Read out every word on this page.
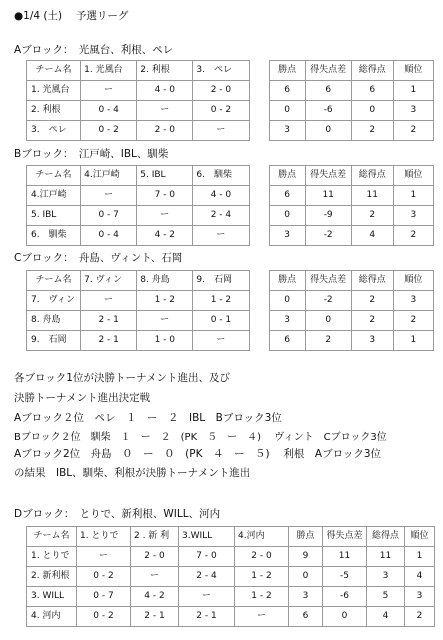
●1/4 (土)　 予選リーグ
Aブロック：　光風台、利根、ペレ
チーム名	1. 光風台	2. 利根	3.　ペレ		勝点	得失点差	総得点	順位
1. 光風台	ー	4 - 0	2 - 0		6	6	6	1
2. 利根	0 - 4	ー	0 - 2		0	-6	0	3
3.　ペレ	0 - 2	2 - 0	ー		3	0	2	2
Bブロック：　江戸崎、IBL、馴柴
チーム名	4.江戸崎	5. IBL	6.　馴柴		勝点	得失点差	総得点	順位
4.江戸崎	ー	7 - 0	4 - 0		6	11	11	1
5. IBL	0 - 7	ー	2 - 4		0	-9	2	3
6.　馴柴	0 - 4	4 - 2	ー		3	-2	4	2
Cブロック：　舟島、ヴィント、石岡
チーム名	7. ヴィン	8. 舟島	9.　石岡		勝点	得失点差	総得点	順位
7.　ヴィン	ー	1 - 2	1 - 2		0	-2	2	3
8. 舟島	2 - 1	ー	0 - 1		3	0	2	2
9.　石岡	2 - 1	1 - 0	ー		6	2	3	1
各ブロック1位が決勝トーナメント進出、及び
決勝トーナメント進出決定戦
Aブロック２位　ペレ　１　ー　２　IBL　Bブロック3位
Bブロック２位　馴柴　１　ー　２　(PK　５　ー　４)　 ヴィント　Cブロック3位
Aブロック2位　舟島　０　ー　０　(PK　４　ー　５)　 利根　Aブロック3位
の結果　IBL、馴柴、利根が決勝トーナメント進出
Dブロック：　とりで、新利根、WILL、河内
チーム名	1. とりで	2 . 新 利	3.WILL	4.河内	勝点	得失点差	総得点	順位
1. とりで	ー	2 - 0	7 - 0	2 - 0	9	11	11	1
2. 新利根	0 - 2	ー	2 - 4	1 - 2	0	-5	3	4
3. WILL	0 - 7	4 - 2	ー	1 - 2	3	-6	5	3
4. 河内	0 - 2	2 - 1	2 - 1	ー	6	0	4	2
